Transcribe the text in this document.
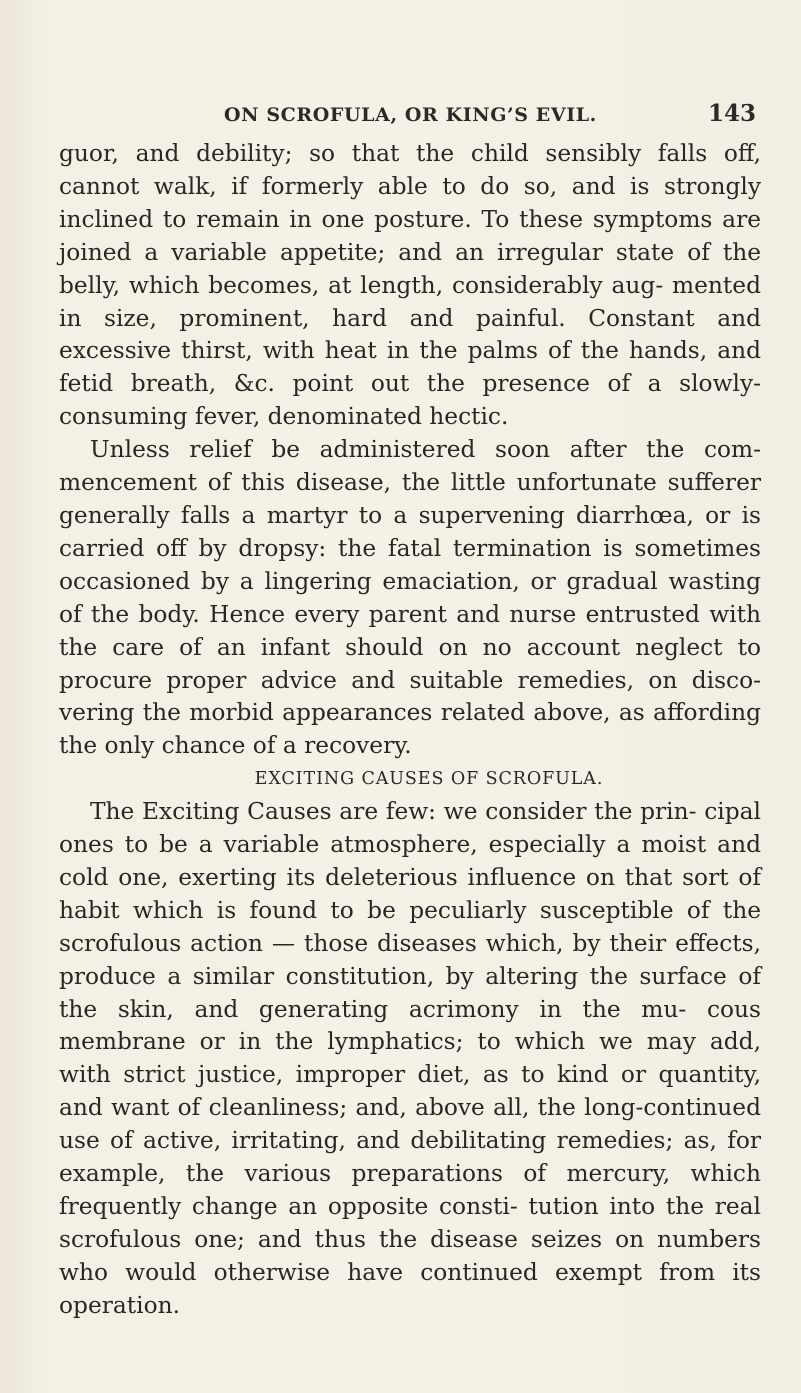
ON SCROFULA, OR KING’S EVIL.	143

guor, and debility; so that the child sensibly falls off, cannot walk, if formerly able to do so, and is strongly inclined to remain in one posture. To these symptoms are joined a variable appetite; and an irregular state of the belly, which becomes, at length, considerably aug- mented in size, prominent, hard and painful. Constant and excessive thirst, with heat in the palms of the hands, and fetid breath, &c. point out the presence of a slowly- consuming fever, denominated hectic.

Unless relief be administered soon after the com- mencement of this disease, the little unfortunate sufferer generally falls a martyr to a supervening diarrhœa, or is carried off by dropsy: the fatal termination is sometimes occasioned by a lingering emaciation, or gradual wasting of the body. Hence every parent and nurse entrusted with the care of an infant should on no account neglect to procure proper advice and suitable remedies, on disco- vering the morbid appearances related above, as affording the only chance of a recovery.

EXCITING CAUSES OF SCROFULA.

The Exciting Causes are few: we consider the prin- cipal ones to be a variable atmosphere, especially a moist and cold one, exerting its deleterious influence on that sort of habit which is found to be peculiarly susceptible of the scrofulous action — those diseases which, by their effects, produce a similar constitution, by altering the surface of the skin, and generating acrimony in the mu- cous membrane or in the lymphatics; to which we may add, with strict justice, improper diet, as to kind or quantity, and want of cleanliness; and, above all, the long-continued use of active, irritating, and debilitating remedies; as, for example, the various preparations of mercury, which frequently change an opposite consti- tution into the real scrofulous one; and thus the disease seizes on numbers who would otherwise have continued exempt from its operation.
